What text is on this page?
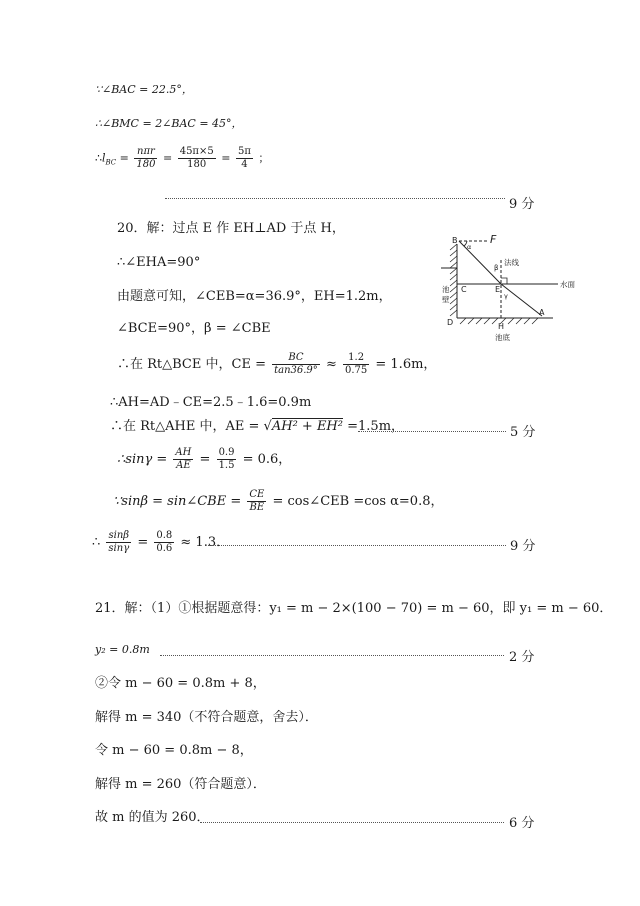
∵∠BAC = 22.5°，
∴∠BMC = 2∠BAC = 45°，
$\therefore l_{BC} = \frac{\text{nπr}}{180} = \frac{45\pi\times 5}{180} = \frac{5\pi}{4}$ ；
9 分
20．解：过点 E 作 EH⊥AD 于点 H，
∴∠EHA=90°
由题意可知，∠CEB=α=36.9°，EH=1.2m，
∠BCE=90°，β = ∠CBE
∴在 Rt△BCE 中，CE = $\frac{BC}{\tan 36.9^\circ} \approx \frac{1.2}{0.75} = 1.6m$，
∴AH=AD﹣CE=2.5﹣1.6=0.9m
∴在 Rt△AHE 中，AE = √AH² + EH² =1.5m，	5 分
∴sinγ = $\frac{AH}{AE} = \frac{0.9}{1.5} = 0.6$，
∵sinβ = sin∠CBE = $\frac{CE}{BE}$ = cos∠CEB =cos α=0.8，
∴ $\frac{\sin\beta}{\sin\gamma} = \frac{0.8}{0.6} \approx 1.3$．	9 分
B	F
α
β
法线
水面
C	E
γ
池
壁
D	H
A
池底
21．解：（1）①根据题意得：y₁ = m − 2×(100 − 70) = m − 60，即 y₁ = m − 60．
y₂ = 0.8m
2 分
②令 m − 60 = 0.8m + 8，
解得 m = 340（不符合题意，舍去）．
令 m − 60 = 0.8m − 8，
解得 m = 260（符合题意）．
故 m 的值为 260．	6 分
